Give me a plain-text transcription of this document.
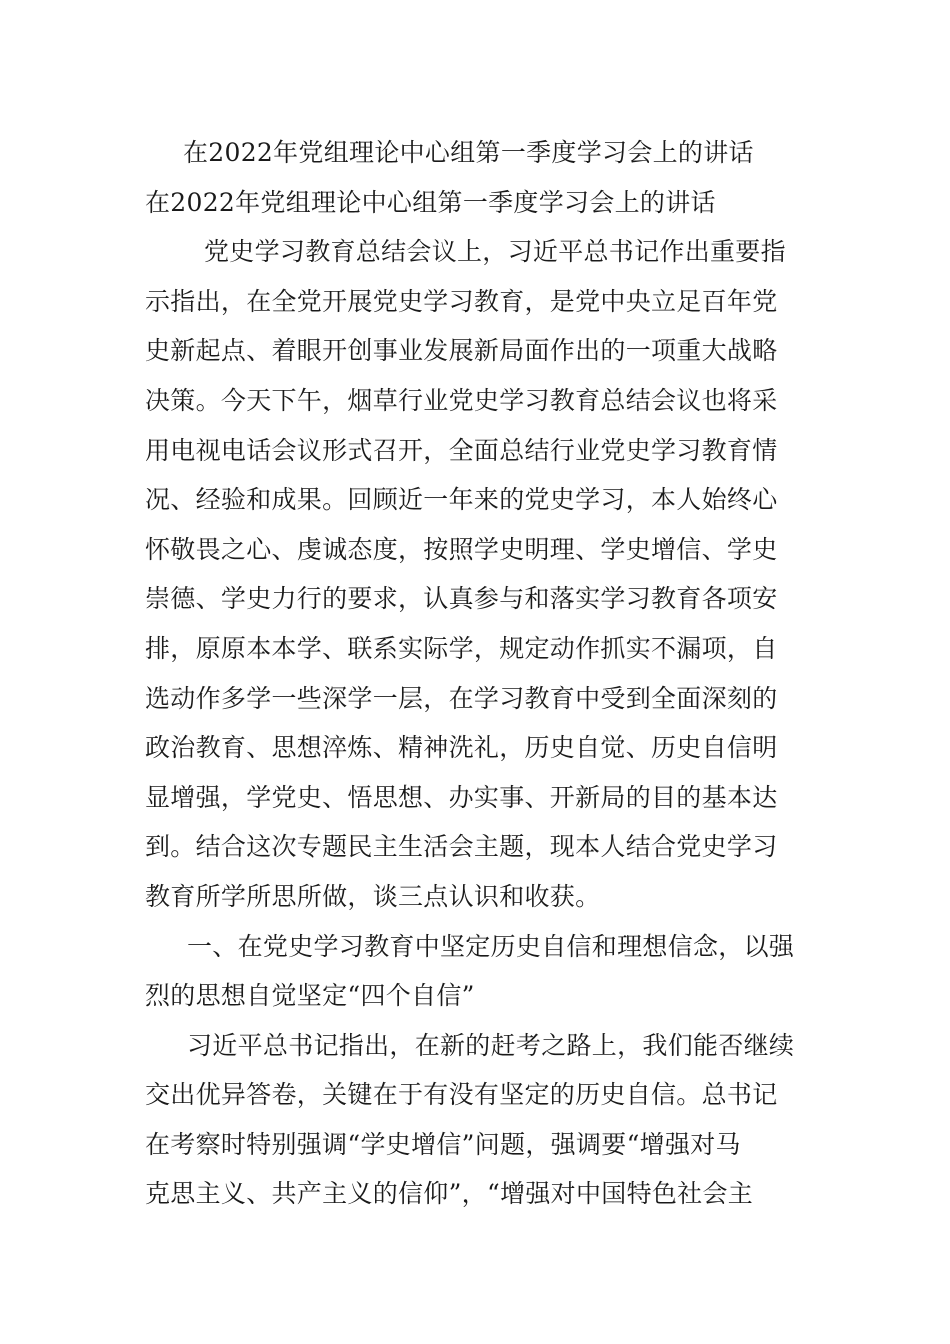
在2022年党组理论中心组第一季度学习会上的讲话

在2022年党组理论中心组第一季度学习会上的讲话

党史学习教育总结会议上，习近平总书记作出重要指

示指出，在全党开展党史学习教育，是党中央立足百年党

史新起点、着眼开创事业发展新局面作出的一项重大战略

决策。今天下午，烟草行业党史学习教育总结会议也将采

用电视电话会议形式召开，全面总结行业党史学习教育情

况、经验和成果。回顾近一年来的党史学习，本人始终心

怀敬畏之心、虔诚态度，按照学史明理、学史增信、学史

崇德、学史力行的要求，认真参与和落实学习教育各项安

排，原原本本学、联系实际学，规定动作抓实不漏项，自

选动作多学一些深学一层，在学习教育中受到全面深刻的

政治教育、思想淬炼、精神洗礼，历史自觉、历史自信明

显增强，学党史、悟思想、办实事、开新局的目的基本达

到。结合这次专题民主生活会主题，现本人结合党史学习

教育所学所思所做，谈三点认识和收获。

一、在党史学习教育中坚定历史自信和理想信念，以强

烈的思想自觉坚定“四个自信”

习近平总书记指出，在新的赶考之路上，我们能否继续

交出优异答卷，关键在于有没有坚定的历史自信。总书记

在考察时特别强调“学史增信”问题，强调要“增强对马

克思主义、共产主义的信仰”，“增强对中国特色社会主
